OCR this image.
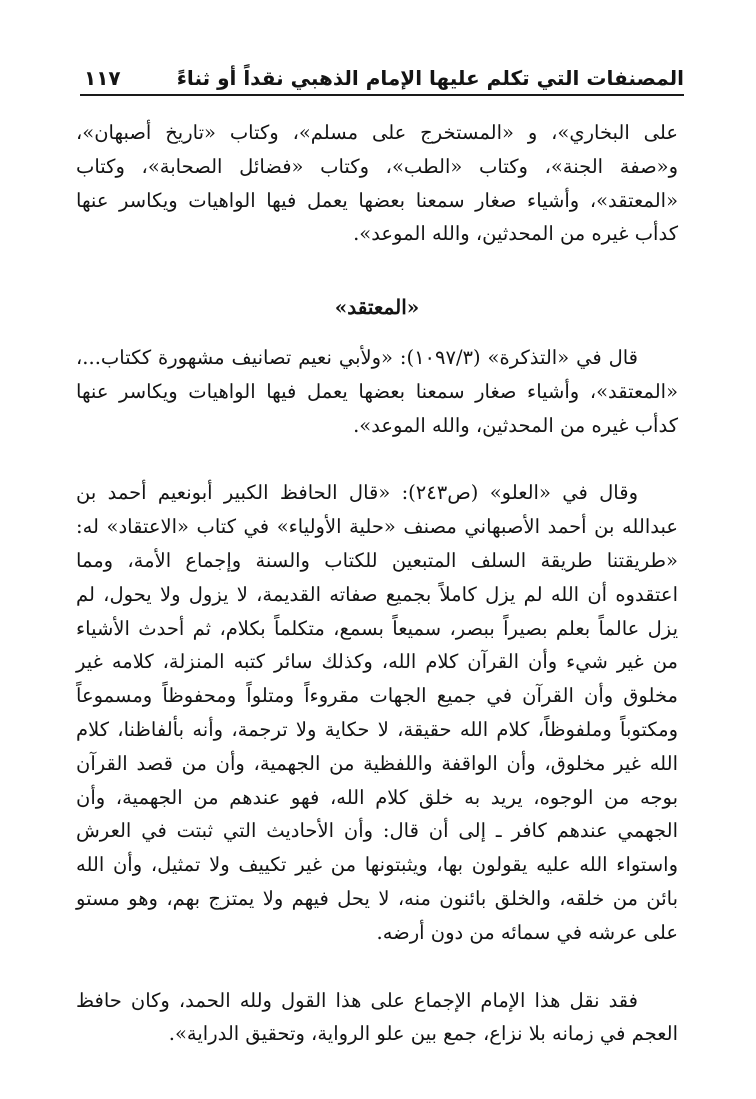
المصنفات التي تكلم عليها الإمام الذهبي نقداً أو ثناءً
١١٧

على البخاري»، و «المستخرج على مسلم»، وكتاب «تاريخ أصبهان»، و«صفة الجنة»، وكتاب «الطب»، وكتاب «فضائل الصحابة»، وكتاب «المعتقد»، وأشياء صغار سمعنا بعضها يعمل فيها الواهيات ويكاسر عنها كدأب غيره من المحدثين، والله الموعد».

«المعتقد»

قال في «التذكرة» (١٠٩٧/٣): «ولأبي نعيم تصانيف مشهورة ككتاب...، «المعتقد»، وأشياء صغار سمعنا بعضها يعمل فيها الواهيات ويكاسر عنها كدأب غيره من المحدثين، والله الموعد».

وقال في «العلو» (ص٢٤٣): «قال الحافظ الكبير أبونعيم أحمد بن عبدالله بن أحمد الأصبهاني مصنف «حلية الأولياء» في كتاب «الاعتقاد» له: «طريقتنا طريقة السلف المتبعين للكتاب والسنة وإجماع الأمة، ومما اعتقدوه أن الله لم يزل كاملاً بجميع صفاته القديمة، لا يزول ولا يحول، لم يزل عالماً بعلم بصيراً ببصر، سميعاً بسمع، متكلماً بكلام، ثم أحدث الأشياء من غير شيء وأن القرآن كلام الله، وكذلك سائر كتبه المنزلة، كلامه غير مخلوق وأن القرآن في جميع الجهات مقروءاً ومتلواً ومحفوظاً ومسموعاً ومكتوباً وملفوظاً، كلام الله حقيقة، لا حكاية ولا ترجمة، وأنه بألفاظنا، كلام الله غير مخلوق، وأن الواقفة واللفظية من الجهمية، وأن من قصد القرآن بوجه من الوجوه، يريد به خلق كلام الله، فهو عندهم من الجهمية، وأن الجهمي عندهم كافر ـ إلى أن قال: وأن الأحاديث التي ثبتت في العرش واستواء الله عليه يقولون بها، ويثبتونها من غير تكييف ولا تمثيل، وأن الله بائن من خلقه، والخلق بائنون منه، لا يحل فيهم ولا يمتزج بهم، وهو مستو على عرشه في سمائه من دون أرضه.

فقد نقل هذا الإمام الإجماع على هذا القول ولله الحمد، وكان حافظ العجم في زمانه بلا نزاع، جمع بين علو الرواية، وتحقيق الدراية».
